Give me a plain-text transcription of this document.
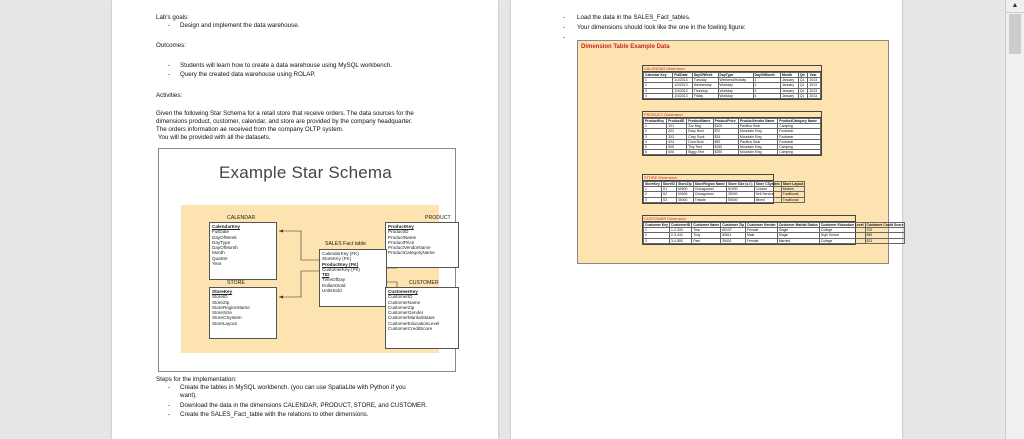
Lab's goals:
- Design and implement the data warehouse.
Outcomes:
- Students will learn how to create a data warehouse using MySQL workbench.
- Query the created data warehouse using ROLAP.
Activities:
Given the following Star Schema for a retail store that receive orders. The data sources for the
dimensions product, customer, calendar, and store are provided by the company headquarter.
The orders information ae received from the company OLTP system.
You will be provided with all the datasets.
Example Star Schema
CALENDAR
CalendarKey
FullDate
DayOfWeek
DayType
DayOfMonth
Month
Quarter
Year
PRODUCT
ProductKey
ProductID
ProductName
ProductPrice
ProductVendorName
ProductCategoryName
SALES Fact table
CalendarKey (FK)
StoreKey (FK)
ProductKey (FK)
CustomerKey (FK)
TID
TimeOfDay
DollarsSold
UnitsSold
STORE
StoreKey
StoreID
StoreZip
StoreRegionName
StoreSize
StoreCSystem
StoreLayout
CUSTOMER
CustomerKey
CustomerID
CustomerName
CustomerZip
CustomerGender
CustomerMaritalStatus
CustomerEducationLevel
CustomerCreditScore
Steps for the implementation:
- Create the tables in MySQL workbench. (you can use SpatiaLite with Python if you
want).
- Download the data in the dimensions CALENDAR, PRODUCT, STORE, and CUSTOMER.
- Create the SALES_Fact_table with the relations to other dimensions.
- Load the data in the SALES_Fact_tables.
- Your dimensions should look like the one in the fowling figure:
-
Dimension Table Example Data
CALENDAR Dimension
Calendar Key	FullDate	DayOfWeek	DayType	DayOfMonth	Month	Qtr	Year
1	1/1/2013	Tuesday	Weekend/Holiday	1	January	Q1	2013
2	1/2/2013	Wednesday	Workday	2	January	Q1	2013
3	1/3/2013	Thursday	Workday	3	January	Q1	2013
4	1/4/2013	Friday	Workday	4	January	Q1	2013
PRODUCT Dimension
ProductKey	ProductID	ProductName	ProductPrice	ProductVendor Name	ProductCategory Name
1	1X1	Zzz Bag	$100	Pacifica Gear	Camping
2	2X2	Easy Boot	$70	Mountain King	Footwear
3	3X3	Cosy Sock	$15	Mountain King	Footwear
4	4X4	Dura Boot	$90	Pacifica Gear	Footwear
5	5X5	Tiny Tent	$150	Mountain King	Camping
6	6X6	Biggy Tent	$250	Mountain King	Camping
STORE Dimension
StoreKey	StoreID	StoreZip	StoreRegion Name	Store Size (s.f.)	Store CSystem	Store Layout
1	S1	60600	Chicagoland	51000	Custom	Modern
2	S2	60605	Chicagoland	35000	Self Service	Traditional
3	S3	35400	Tristate	55000	Mixed	Traditional
CUSTOMER Dimension
Customer Key	CustomerID	Customer Name	Customer Zip	Customer Gender	Customer Marital Status	Customer Education Level	Customer Credit Score
1	1-2-333	Tina	60137	Female	Single	College	700
2	2-3-444	Tony	60611	Male	Single	High School	650
3	3-4-555	Pam	35401	Female	Married	College	623
▲
